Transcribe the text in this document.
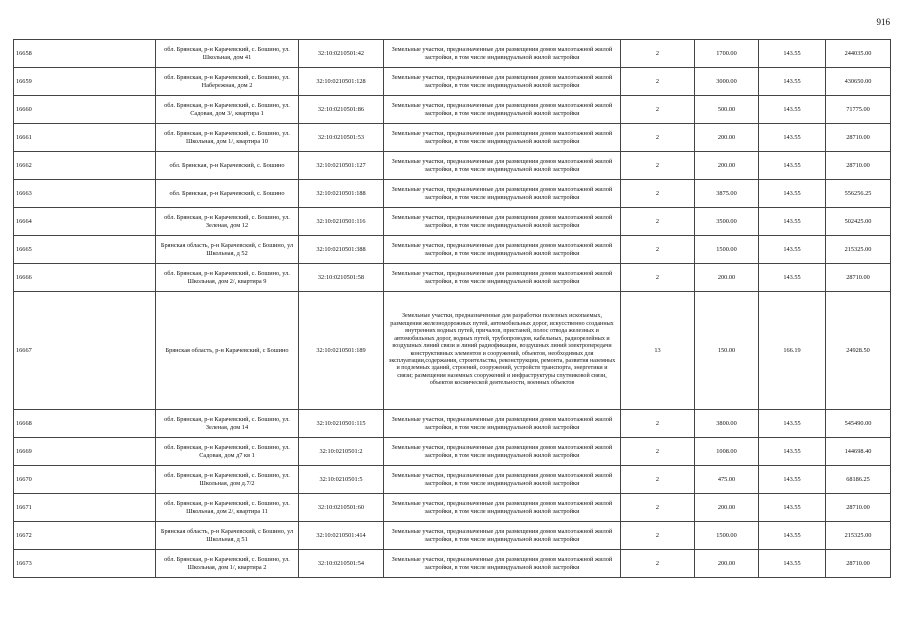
916
16658	обл. Брянская, р-н Карачевский, с. Бошино, ул. Школьная, дом 41	32:10:0210501:42	Земельные участки, предназначенные для размещения домов малоэтажной жилой застройки, в том числе индивидуальной жилой застройки	2	1700.00	143.55	244035.00
16659	обл. Брянская, р-н Карачевский, с. Бошино, ул. Набережная, дом 2	32:10:0210501:128	Земельные участки, предназначенные для размещения домов малоэтажной жилой застройки, в том числе индивидуальной жилой застройки	2	3000.00	143.55	430650.00
16660	обл. Брянская, р-н Карачевский, с. Бошино, ул. Садовая, дом 3/, квартира 1	32:10:0210501:86	Земельные участки, предназначенные для размещения домов малоэтажной жилой застройки, в том числе индивидуальной жилой застройки	2	500.00	143.55	71775.00
16661	обл. Брянская, р-н Карачевский, с. Бошино, ул. Школьная, дом 1/, квартира 10	32:10:0210501:53	Земельные участки, предназначенные для размещения домов малоэтажной жилой застройки, в том числе индивидуальной жилой застройки	2	200.00	143.55	28710.00
16662	обл. Брянская, р-н Карачевский, с. Бошино	32:10:0210501:127	Земельные участки, предназначенные для размещения домов малоэтажной жилой застройки, в том числе индивидуальной жилой застройки	2	200.00	143.55	28710.00
16663	обл. Брянская, р-н Карачевский, с. Бошино	32:10:0210501:188	Земельные участки, предназначенные для размещения домов малоэтажной жилой застройки, в том числе индивидуальной жилой застройки	2	3875.00	143.55	556256.25
16664	обл. Брянская, р-н Карачевский, с. Бошино, ул. Зеленая, дом 12	32:10:0210501:116	Земельные участки, предназначенные для размещения домов малоэтажной жилой застройки, в том числе индивидуальной жилой застройки	2	3500.00	143.55	502425.00
16665	Брянская область, р-н Карачевский, с Бошино, ул Школьная, д 52	32:10:0210501:388	Земельные участки, предназначенные для размещения домов малоэтажной жилой застройки, в том числе индивидуальной жилой застройки	2	1500.00	143.55	215325.00
16666	обл. Брянская, р-н Карачевский, с. Бошино, ул. Школьная, дом 2/, квартира 9	32:10:0210501:58	Земельные участки, предназначенные для размещения домов малоэтажной жилой застройки, в том числе индивидуальной жилой застройки	2	200.00	143.55	28710.00
16667	Брянская область, р-н Карачевский, с Бошино	32:10:0210501:189	Земельные участки, предназначенные для разработки полезных ископаемых, размещения железнодорожных путей, автомобильных дорог, искусственно созданных внутренних водных путей, причалов, пристаней, полос отвода железных и автомобильных дорог, водных путей, трубопроводов, кабельных, радиорелейных и воздушных линий связи и линий радиофикации, воздушных линий электропередачи конструктивных элементов и сооружений, объектов, необходимых для эксплуатации,содержания, строительства, реконструкции, ремонта, развития наземных и подземных зданий, строений, сооружений, устройств транспорта, энергетики и связи; размещения наземных сооружений и инфраструктуры спутниковой связи, объектов космической деятельности, военных объектов	13	150.00	166.19	24928.50
16668	обл. Брянская, р-н Карачевский, с. Бошино, ул. Зеленая, дом 14	32:10:0210501:115	Земельные участки, предназначенные для размещения домов малоэтажной жилой застройки, в том числе индивидуальной жилой застройки	2	3800.00	143.55	545490.00
16669	обл. Брянская, р-н Карачевский, с. Бошино, ул. Садовая, дом д7 кв 1	32:10:0210501:2	Земельные участки, предназначенные для размещения домов малоэтажной жилой застройки, в том числе индивидуальной жилой застройки	2	1008.00	143.55	144698.40
16670	обл. Брянская, р-н Карачевский, с. Бошино, ул. Школьная, дом д.7/2	32:10:0210501:5	Земельные участки, предназначенные для размещения домов малоэтажной жилой застройки, в том числе индивидуальной жилой застройки	2	475.00	143.55	68186.25
16671	обл. Брянская, р-н Карачевский, с. Бошино, ул. Школьная, дом 2/, квартира 11	32:10:0210501:60	Земельные участки, предназначенные для размещения домов малоэтажной жилой застройки, в том числе индивидуальной жилой застройки	2	200.00	143.55	28710.00
16672	Брянская область, р-н Карачевский, с Бошино, ул Школьная, д 51	32:10:0210501:414	Земельные участки, предназначенные для размещения домов малоэтажной жилой застройки, в том числе индивидуальной жилой застройки	2	1500.00	143.55	215325.00
16673	обл. Брянская, р-н Карачевский, с. Бошино, ул. Школьная, дом 1/, квартира 2	32:10:0210501:54	Земельные участки, предназначенные для размещения домов малоэтажной жилой застройки, в том числе индивидуальной жилой застройки	2	200.00	143.55	28710.00
